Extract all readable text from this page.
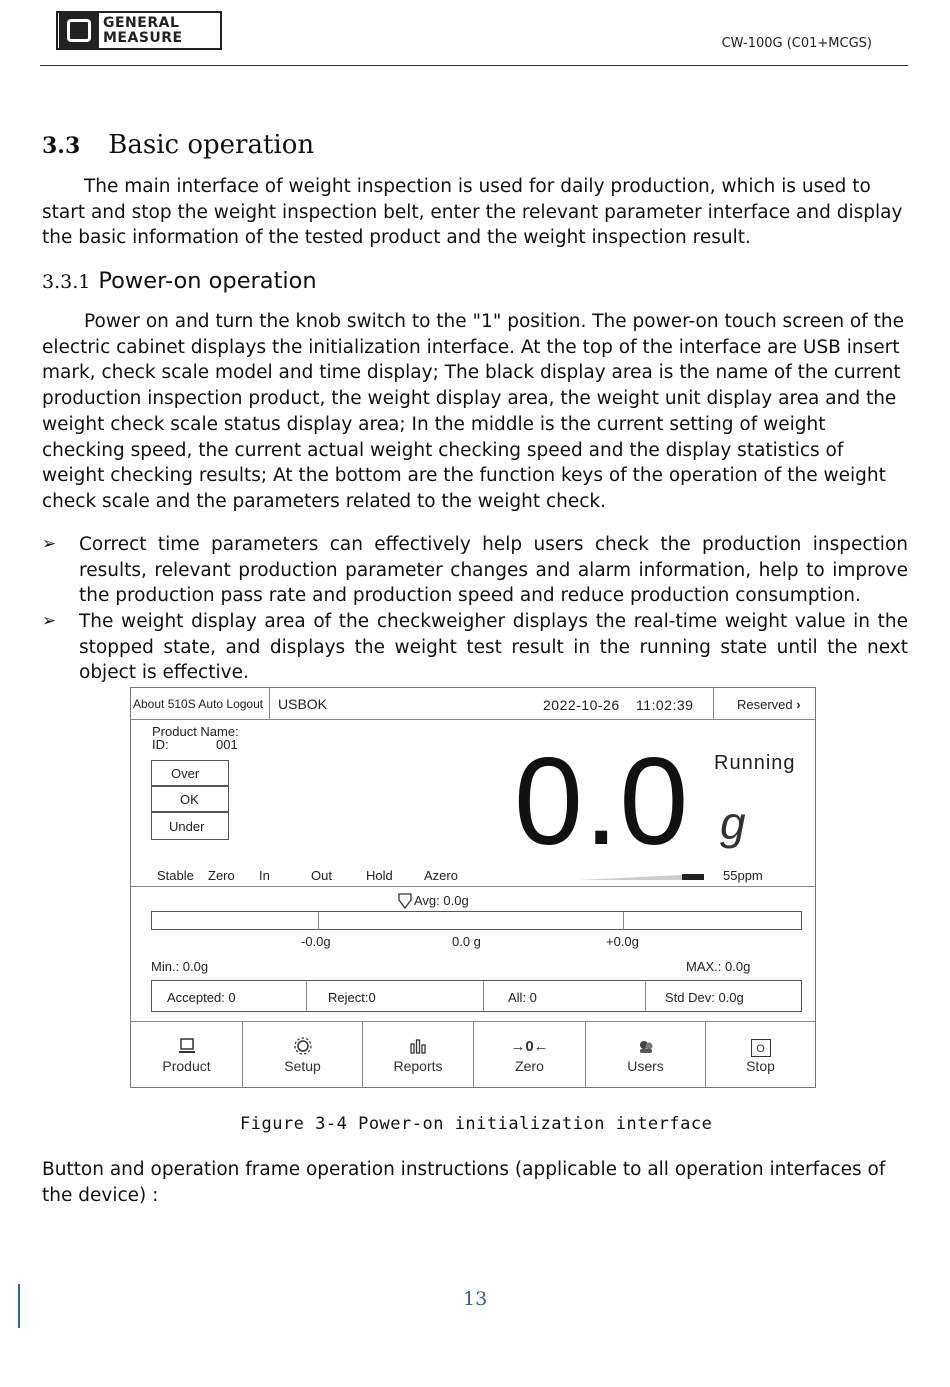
GENERAL
MEASURE	CW-100G (C01+MCGS)
3.3 Basic operation
The main interface of weight inspection is used for daily production, which is used to start and stop the weight inspection belt, enter the relevant parameter interface and display the basic information of the tested product and the weight inspection result.
3.3.1 Power-on operation
Power on and turn the knob switch to the "1" position. The power-on touch screen of the electric cabinet displays the initialization interface. At the top of the interface are USB insert mark, check scale model and time display; The black display area is the name of the current production inspection product, the weight display area, the weight unit display area and the weight check scale status display area; In the middle is the current setting of weight checking speed, the current actual weight checking speed and the display statistics of weight checking results; At the bottom are the function keys of the operation of the weight check scale and the parameters related to the weight check.
➢ Correct time parameters can effectively help users check the production inspection results, relevant production parameter changes and alarm information, help to improve the production pass rate and production speed and reduce production consumption.
➢ The weight display area of the checkweigher displays the real-time weight value in the stopped state, and displays the weight test result in the running state until the next object is effective.
About 510S Auto Logout USBOK	2022-10-26 11:02:39	Reserved ›
Product Name:
ID:	001
Over
OK
Under 0.0 g
Running
Stable Zero In	Out	Hold Azero	55ppm
Avg: 0.0g
-0.0g	0.0 g	+0.0g
Min.: 0.0g	MAX.: 0.0g
Accepted: 0	Reject:0	All: 0	Std Dev: 0.0g
Product	Setup	Reports
→0←
Zero	Users
O
Stop
Figure 3-4 Power-on initialization interface
Button and operation frame operation instructions (applicable to all operation interfaces of the device) :
13
